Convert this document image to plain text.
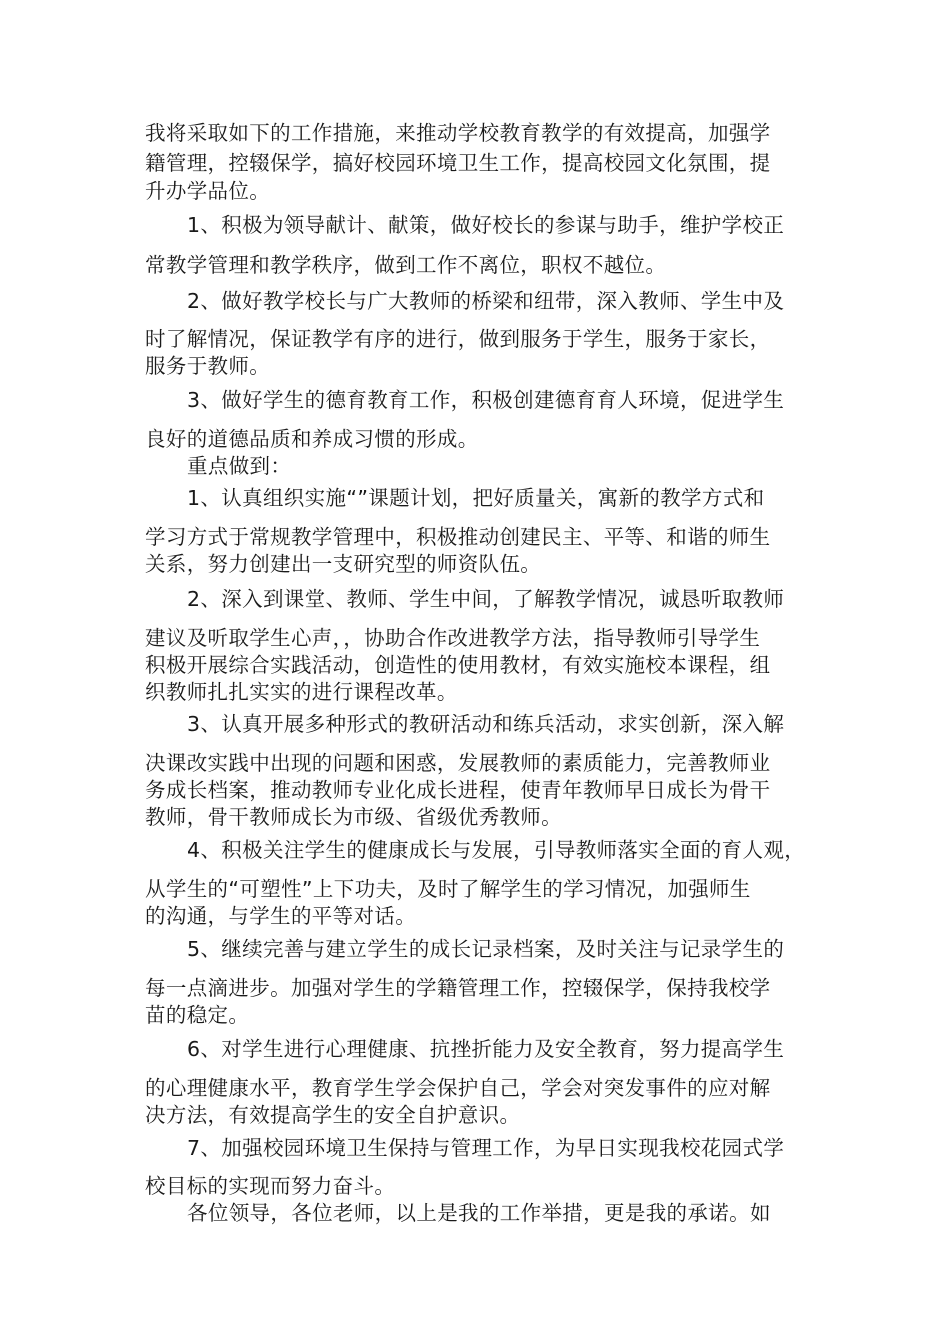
我将采取如下的工作措施，来推动学校教育教学的有效提高，加强学
籍管理，控辍保学，搞好校园环境卫生工作，提高校园文化氛围，提
升办学品位。
1、积极为领导献计、献策，做好校长的参谋与助手，维护学校正
常教学管理和教学秩序，做到工作不离位，职权不越位。
2、做好教学校长与广大教师的桥梁和纽带，深入教师、学生中及
时了解情况，保证教学有序的进行，做到服务于学生，服务于家长，
服务于教师。
3、做好学生的德育教育工作，积极创建德育育人环境，促进学生
良好的道德品质和养成习惯的形成。
重点做到：
1、认真组织实施“”课题计划，把好质量关，寓新的教学方式和
学习方式于常规教学管理中，积极推动创建民主、平等、和谐的师生
关系，努力创建出一支研究型的师资队伍。
2、深入到课堂、教师、学生中间，了解教学情况，诚恳听取教师
建议及听取学生心声，，协助合作改进教学方法，指导教师引导学生
积极开展综合实践活动，创造性的使用教材，有效实施校本课程，组
织教师扎扎实实的进行课程改革。
3、认真开展多种形式的教研活动和练兵活动，求实创新，深入解
决课改实践中出现的问题和困惑，发展教师的素质能力，完善教师业
务成长档案，推动教师专业化成长进程，使青年教师早日成长为骨干
教师，骨干教师成长为市级、省级优秀教师。
4、积极关注学生的健康成长与发展，引导教师落实全面的育人观，
从学生的“可塑性”上下功夫，及时了解学生的学习情况，加强师生
的沟通，与学生的平等对话。
5、继续完善与建立学生的成长记录档案，及时关注与记录学生的
每一点滴进步。加强对学生的学籍管理工作，控辍保学，保持我校学
苗的稳定。
6、对学生进行心理健康、抗挫折能力及安全教育，努力提高学生
的心理健康水平，教育学生学会保护自己，学会对突发事件的应对解
决方法，有效提高学生的安全自护意识。
7、加强校园环境卫生保持与管理工作，为早日实现我校花园式学
校目标的实现而努力奋斗。
各位领导，各位老师，以上是我的工作举措，更是我的承诺。如
